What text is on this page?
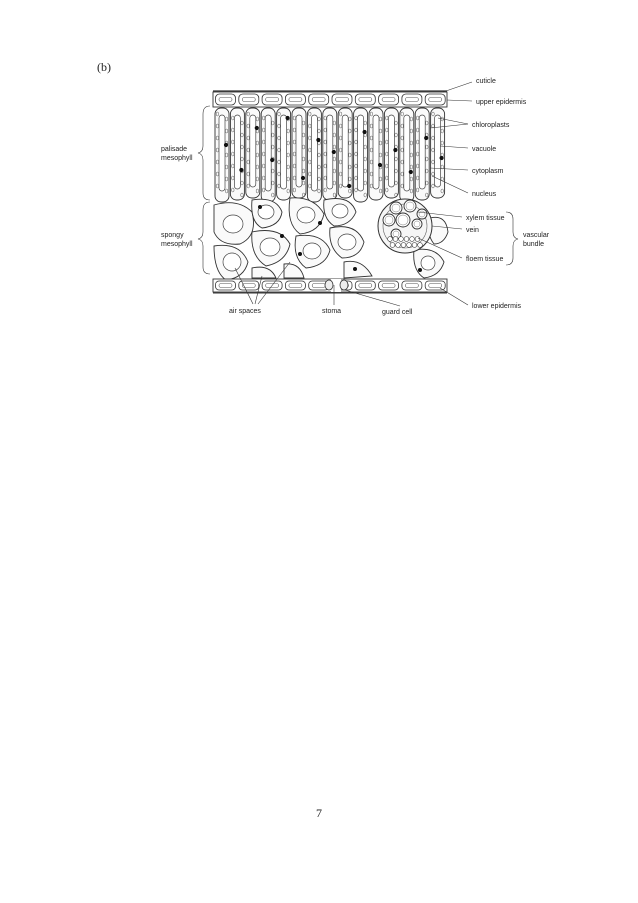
(b)
cuticle
upper epidermis
chloroplasts
vacuole
cytoplasm
nucleus
xylem tissue
vein
floem tissue
vascular
bundle
lower epidermis
palisade
mesophyll
spongy
mesophyll
air spaces	stoma	guard cell
7
